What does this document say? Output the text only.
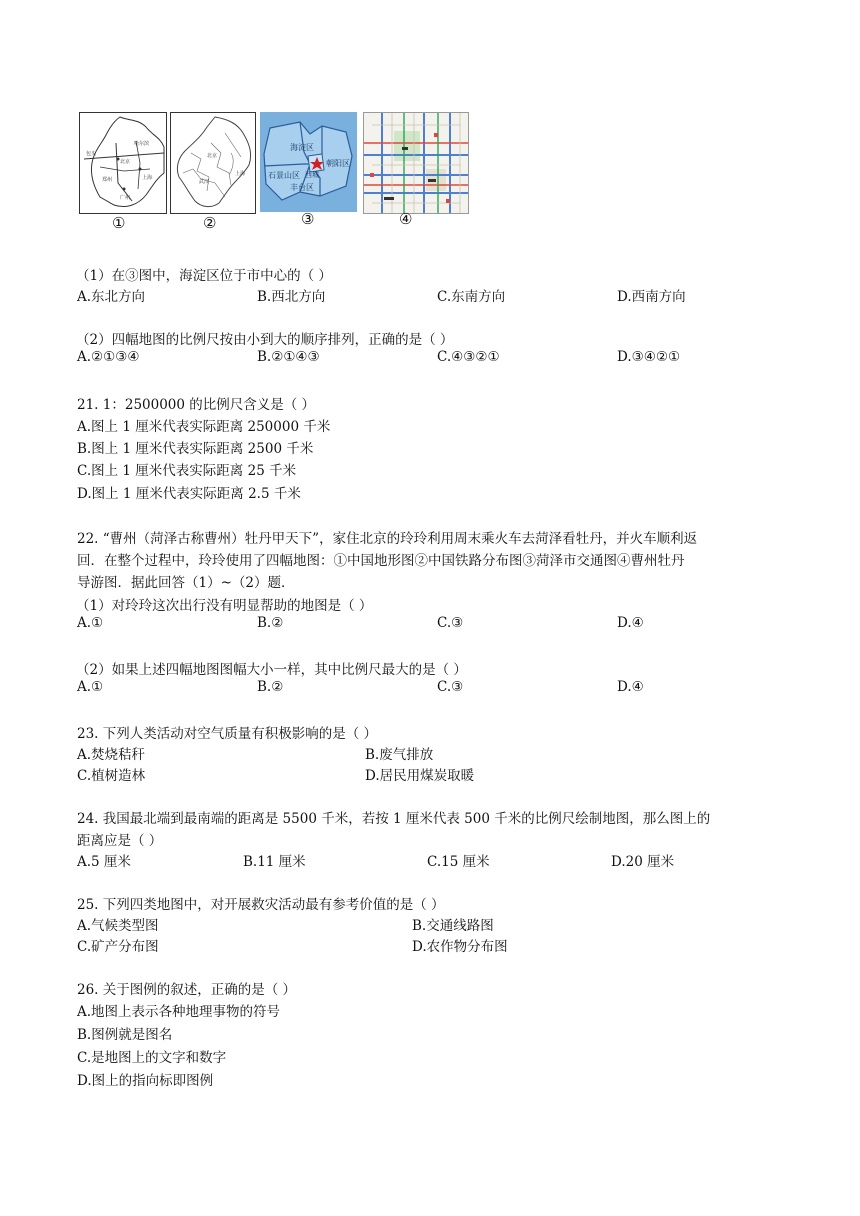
哈尔滨
包头
北京
郑州	上海
广州
北京
武汉
上海
海淀区
朝阳区
石景山区
丰台区
西城
①	②	③	④
（1）在③图中，海淀区位于市中心的（ ）
A.东北方向	B.西北方向	C.东南方向	D.西南方向
（2）四幅地图的比例尺按由小到大的顺序排列，正确的是（ ）
A.②①③④	B.②①④③	C.④③②①	D.③④②①
21. 1：2500000 的比例尺含义是（ ）
A.图上 1 厘米代表实际距离 250000 千米
B.图上 1 厘米代表实际距离 2500 千米
C.图上 1 厘米代表实际距离 25 千米
D.图上 1 厘米代表实际距离 2.5 千米
22. “曹州（菏泽古称曹州）牡丹甲天下”，家住北京的玲玲利用周末乘火车去菏泽看牡丹，并火车顺利返
回．在整个过程中，玲玲使用了四幅地图：①中国地形图②中国铁路分布图③菏泽市交通图④曹州牡丹
导游图．据此回答（1）~（2）题．
（1）对玲玲这次出行没有明显帮助的地图是（ ）
A.①	B.②	C.③	D.④
（2）如果上述四幅地图图幅大小一样，其中比例尺最大的是（ ）
A.①	B.②	C.③	D.④
23. 下列人类活动对空气质量有积极影响的是（ ）
A.焚烧秸秆	B.废气排放
C.植树造林	D.居民用煤炭取暖
24. 我国最北端到最南端的距离是 5500 千米，若按 1 厘米代表 500 千米的比例尺绘制地图，那么图上的
距离应是（ ）
A.5 厘米	B.11 厘米	C.15 厘米	D.20 厘米
25. 下列四类地图中，对开展救灾活动最有参考价值的是（ ）
A.气候类型图	B.交通线路图
C.矿产分布图	D.农作物分布图
26. 关于图例的叙述，正确的是（ ）
A.地图上表示各种地理事物的符号
B.图例就是图名
C.是地图上的文字和数字
D.图上的指向标即图例
